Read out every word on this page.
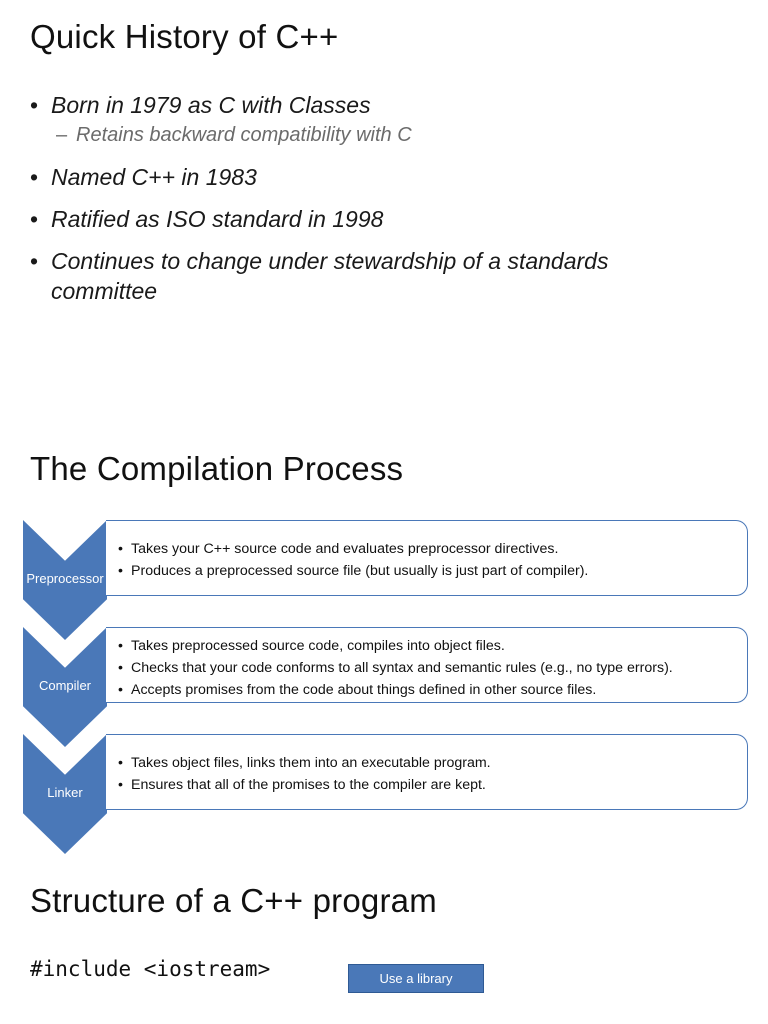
Quick History of C++
• Born in 1979 as C with Classes
– Retains backward compatibility with C
• Named C++ in 1983
• Ratified as ISO standard in 1998
• Continues to change under stewardship of a standards committee
The Compilation Process
Preprocessor
• Takes your C++ source code and evaluates preprocessor directives.
• Produces a preprocessed source file (but usually is just part of compiler).
Compiler
• Takes preprocessed source code, compiles into object files.
• Checks that your code conforms to all syntax and semantic rules (e.g., no type errors).
• Accepts promises from the code about things defined in other source files.
Linker
• Takes object files, links them into an executable program.
• Ensures that all of the promises to the compiler are kept.
Structure of a C++ program
#include <iostream>	Use a library
